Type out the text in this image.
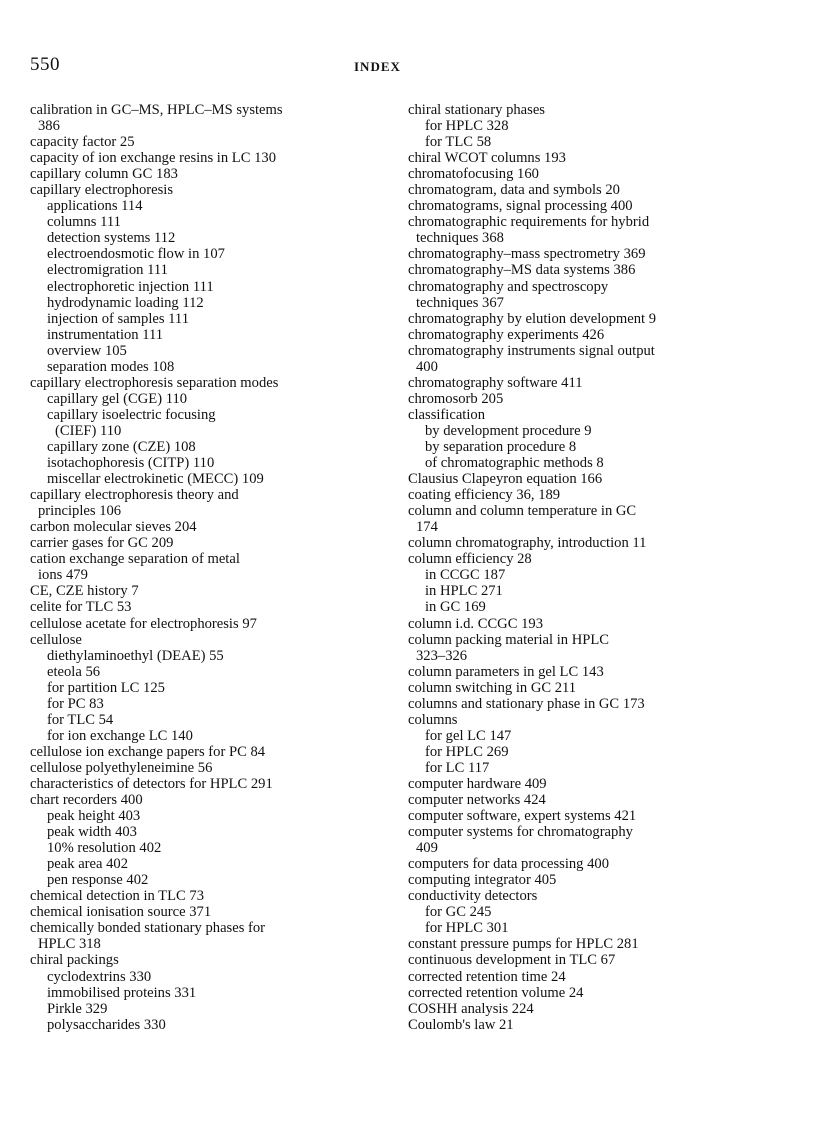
550	INDEX
calibration in GC–MS, HPLC–MS systems
386
capacity factor 25
capacity of ion exchange resins in LC 130
capillary column GC 183
capillary electrophoresis
applications 114
columns 111
detection systems 112
electroendosmotic flow in 107
electromigration 111
electrophoretic injection 111
hydrodynamic loading 112
injection of samples 111
instrumentation 111
overview 105
separation modes 108
capillary electrophoresis separation modes
capillary gel (CGE) 110
capillary isoelectric focusing
(CIEF) 110
capillary zone (CZE) 108
isotachophoresis (CITP) 110
miscellar electrokinetic (MECC) 109
capillary electrophoresis theory and
principles 106
carbon molecular sieves 204
carrier gases for GC 209
cation exchange separation of metal
ions 479
CE, CZE history 7
celite for TLC 53
cellulose acetate for electrophoresis 97
cellulose
diethylaminoethyl (DEAE) 55
eteola 56
for partition LC 125
for PC 83
for TLC 54
for ion exchange LC 140
cellulose ion exchange papers for PC 84
cellulose polyethyleneimine 56
characteristics of detectors for HPLC 291
chart recorders 400
peak height 403
peak width 403
10% resolution 402
peak area 402
pen response 402
chemical detection in TLC 73
chemical ionisation source 371
chemically bonded stationary phases for
HPLC 318
chiral packings
cyclodextrins 330
immobilised proteins 331
Pirkle 329
polysaccharides 330
chiral stationary phases
for HPLC 328
for TLC 58
chiral WCOT columns 193
chromatofocusing 160
chromatogram, data and symbols 20
chromatograms, signal processing 400
chromatographic requirements for hybrid
techniques 368
chromatography–mass spectrometry 369
chromatography–MS data systems 386
chromatography and spectroscopy
techniques 367
chromatography by elution development 9
chromatography experiments 426
chromatography instruments signal output
400
chromatography software 411
chromosorb 205
classification
by development procedure 9
by separation procedure 8
of chromatographic methods 8
Clausius Clapeyron equation 166
coating efficiency 36, 189
column and column temperature in GC
174
column chromatography, introduction 11
column efficiency 28
in CCGC 187
in HPLC 271
in GC 169
column i.d. CCGC 193
column packing material in HPLC
323–326
column parameters in gel LC 143
column switching in GC 211
columns and stationary phase in GC 173
columns
for gel LC 147
for HPLC 269
for LC 117
computer hardware 409
computer networks 424
computer software, expert systems 421
computer systems for chromatography
409
computers for data processing 400
computing integrator 405
conductivity detectors
for GC 245
for HPLC 301
constant pressure pumps for HPLC 281
continuous development in TLC 67
corrected retention time 24
corrected retention volume 24
COSHH analysis 224
Coulomb's law 21
